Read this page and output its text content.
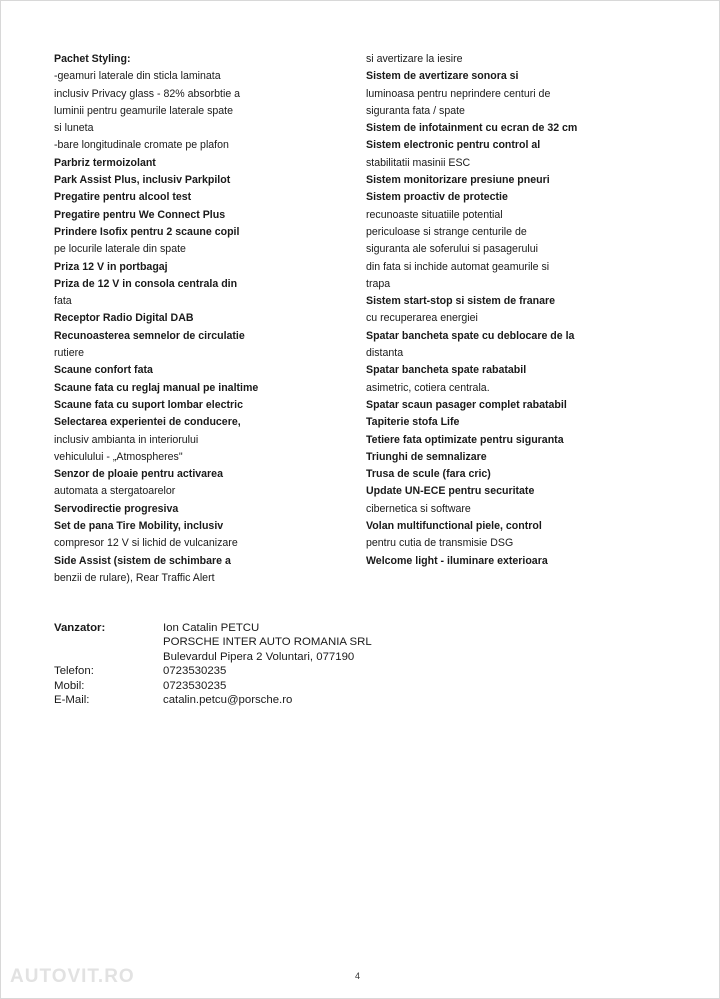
Pachet Styling:
-geamuri laterale din sticla laminata
inclusiv Privacy glass - 82% absorbtie a
luminii pentru geamurile laterale spate
si luneta
-bare longitudinale cromate pe plafon
Parbriz termoizolant
Park Assist Plus, inclusiv Parkpilot
Pregatire pentru alcool test
Pregatire pentru We Connect Plus
Prindere Isofix pentru 2 scaune copil
pe locurile laterale din spate
Priza 12 V in portbagaj
Priza de 12 V in consola centrala din
fata
Receptor Radio Digital DAB
Recunoasterea semnelor de circulatie
rutiere
Scaune confort fata
Scaune fata cu reglaj manual pe inaltime
Scaune fata cu suport lombar electric
Selectarea experientei de conducere,
inclusiv ambianta in interiorului
vehiculului - „Atmospheres"
Senzor de ploaie pentru activarea
automata a stergatoarelor
Servodirectie progresiva
Set de pana Tire Mobility, inclusiv
compresor 12 V si lichid de vulcanizare
Side Assist (sistem de schimbare a
benzii de rulare), Rear Traffic Alert
si avertizare la iesire
Sistem de avertizare sonora si
luminoasa pentru neprindere centuri de
siguranta fata / spate
Sistem de infotainment cu ecran de 32 cm
Sistem electronic pentru control al
stabilitatii masinii ESC
Sistem monitorizare presiune pneuri
Sistem proactiv de protectie
recunoaste situatiile potential
periculoase si strange centurile de
siguranta ale soferului si pasagerului
din fata si inchide automat geamurile si
trapa
Sistem start-stop si sistem de franare
cu recuperarea energiei
Spatar bancheta spate cu deblocare de la
distanta
Spatar bancheta spate rabatabil
asimetric, cotiera centrala.
Spatar scaun pasager complet rabatabil
Tapiterie stofa Life
Tetiere fata optimizate pentru siguranta
Triunghi de semnalizare
Trusa de scule (fara cric)
Update UN-ECE pentru securitate
cibernetica si software
Volan multifunctional piele, control
pentru cutia de transmisie DSG
Welcome light - iluminare exterioara
Vanzator:	Ion Catalin PETCU
PORSCHE INTER AUTO ROMANIA SRL
Bulevardul Pipera 2 Voluntari, 077190
Telefon:	0723530235
Mobil:	0723530235
E-Mail:	catalin.petcu@porsche.ro
AUTOVIT.RO	4
